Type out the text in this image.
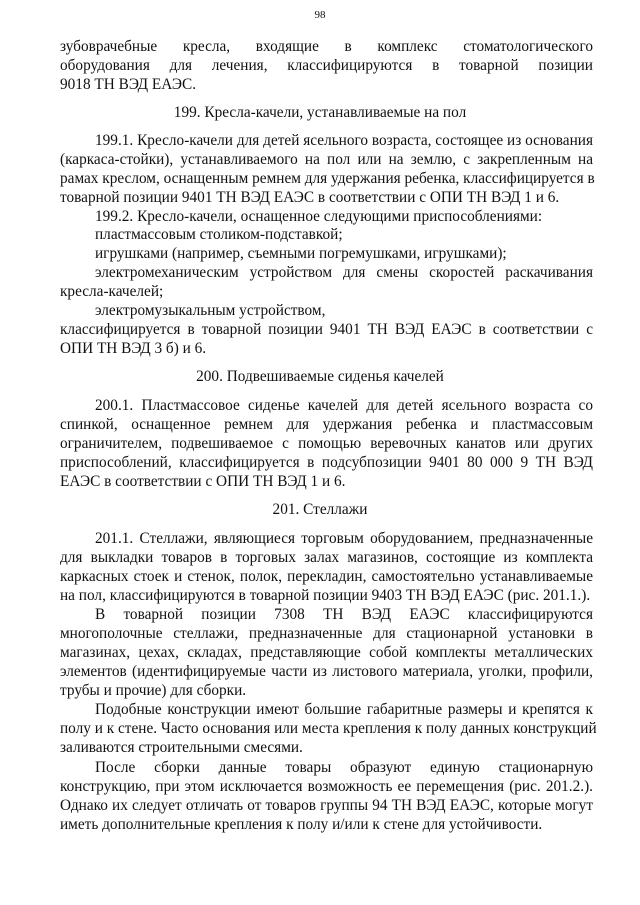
98
зубоврачебные кресла, входящие в комплекс стоматологического
оборудования для лечения, классифицируются в товарной позиции
9018 ТН ВЭД ЕАЭС.
199. Кресла-качели, устанавливаемые на пол
199.1. Кресло-качели для детей ясельного возраста, состоящее из основания
(каркаса-стойки), устанавливаемого на пол или на землю, с закрепленным на
рамах креслом, оснащенным ремнем для удержания ребенка, классифицируется в
товарной позиции 9401 ТН ВЭД ЕАЭС в соответствии с ОПИ ТН ВЭД 1 и 6.
199.2. Кресло-качели, оснащенное следующими приспособлениями:
пластмассовым столиком-подставкой;
игрушками (например, съемными погремушками, игрушками);
электромеханическим устройством для смены скоростей раскачивания
кресла-качелей;
электромузыкальным устройством,
классифицируется в товарной позиции 9401 ТН ВЭД ЕАЭС в соответствии с
ОПИ ТН ВЭД 3 б) и 6.
200. Подвешиваемые сиденья качелей
200.1. Пластмассовое сиденье качелей для детей ясельного возраста со
спинкой, оснащенное ремнем для удержания ребенка и пластмассовым
ограничителем, подвешиваемое с помощью веревочных канатов или других
приспособлений, классифицируется в подсубпозиции 9401 80 000 9 ТН ВЭД
ЕАЭС в соответствии с ОПИ ТН ВЭД 1 и 6.
201. Стеллажи
201.1. Стеллажи, являющиеся торговым оборудованием, предназначенные
для выкладки товаров в торговых залах магазинов, состоящие из комплекта
каркасных стоек и стенок, полок, перекладин, самостоятельно устанавливаемые
на пол, классифицируются в товарной позиции 9403 ТН ВЭД ЕАЭС (рис. 201.1.).
В товарной позиции 7308 ТН ВЭД ЕАЭС классифицируются
многополочные стеллажи, предназначенные для стационарной установки в
магазинах, цехах, складах, представляющие собой комплекты металлических
элементов (идентифицируемые части из листового материала, уголки, профили,
трубы и прочие) для сборки.
Подобные конструкции имеют большие габаритные размеры и крепятся к
полу и к стене. Часто основания или места крепления к полу данных конструкций
заливаются строительными смесями.
После сборки данные товары образуют единую стационарную
конструкцию, при этом исключается возможность ее перемещения (рис. 201.2.).
Однако их следует отличать от товаров группы 94 ТН ВЭД ЕАЭС, которые могут
иметь дополнительные крепления к полу и/или к стене для устойчивости.
